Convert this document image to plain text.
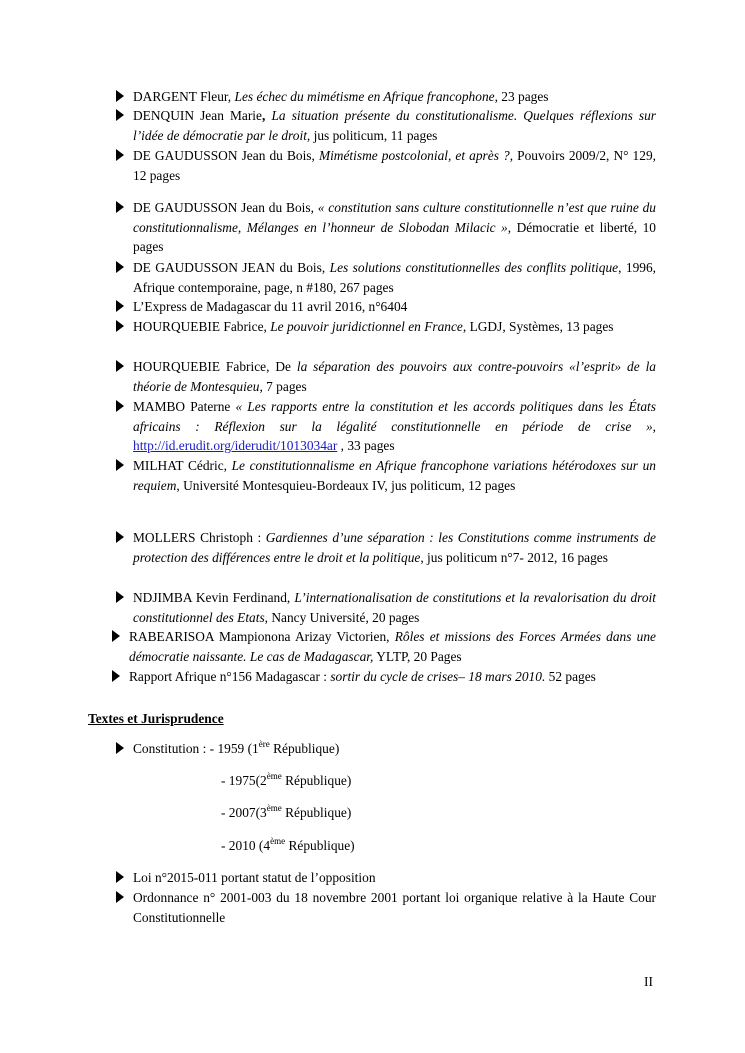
DARGENT Fleur, Les échec du mimétisme en Afrique francophone, 23 pages
DENQUIN Jean Marie, La situation présente du constitutionalisme. Quelques réflexions sur l’idée de démocratie par le droit, jus politicum, 11 pages
DE GAUDUSSON Jean du Bois, Mimétisme postcolonial, et après ?, Pouvoirs 2009/2, N° 129, 12 pages
DE GAUDUSSON Jean du Bois, « constitution sans culture constitutionnelle n’est que ruine du constitutionnalisme, Mélanges en l’honneur de Slobodan Milacic », Démocratie et liberté, 10 pages
DE GAUDUSSON JEAN du Bois, Les solutions constitutionnelles des conflits politique, 1996, Afrique contemporaine, page, n #180, 267 pages
L’Express de Madagascar du 11 avril 2016, n°6404
HOURQUEBIE Fabrice, Le pouvoir juridictionnel en France, LGDJ, Systèmes, 13 pages
HOURQUEBIE Fabrice, De la séparation des pouvoirs aux contre-pouvoirs «l’esprit» de la théorie de Montesquieu, 7 pages
MAMBO Paterne « Les rapports entre la constitution et les accords politiques dans les États africains : Réflexion sur la légalité constitutionnelle en période de crise », http://id.erudit.org/iderudit/1013034ar , 33 pages
MILHAT Cédric, Le constitutionnalisme en Afrique francophone variations hétérodoxes sur un requiem, Université Montesquieu-Bordeaux IV, jus politicum, 12 pages
MOLLERS Christoph : Gardiennes d’une séparation : les Constitutions comme instruments de protection des différences entre le droit et la politique, jus politicum n°7- 2012, 16 pages
NDJIMBA Kevin Ferdinand, L’internationalisation de constitutions et la revalorisation du droit constitutionnel des Etats, Nancy Université, 20 pages
RABEARISOA Mampionona Arizay Victorien, Rôles et missions des Forces Armées dans une démocratie naissante. Le cas de Madagascar, YLTP, 20 Pages
Rapport Afrique n°156 Madagascar : sortir du cycle de crises– 18 mars 2010. 52 pages
Textes et Jurisprudence
Constitution : - 1959 (1ère République)
- 1975(2ème République)
- 2007(3ème République)
- 2010 (4ème République)
Loi n°2015-011 portant statut de l’opposition
Ordonnance n° 2001-003 du 18 novembre 2001 portant loi organique relative à la Haute Cour Constitutionnelle
II
